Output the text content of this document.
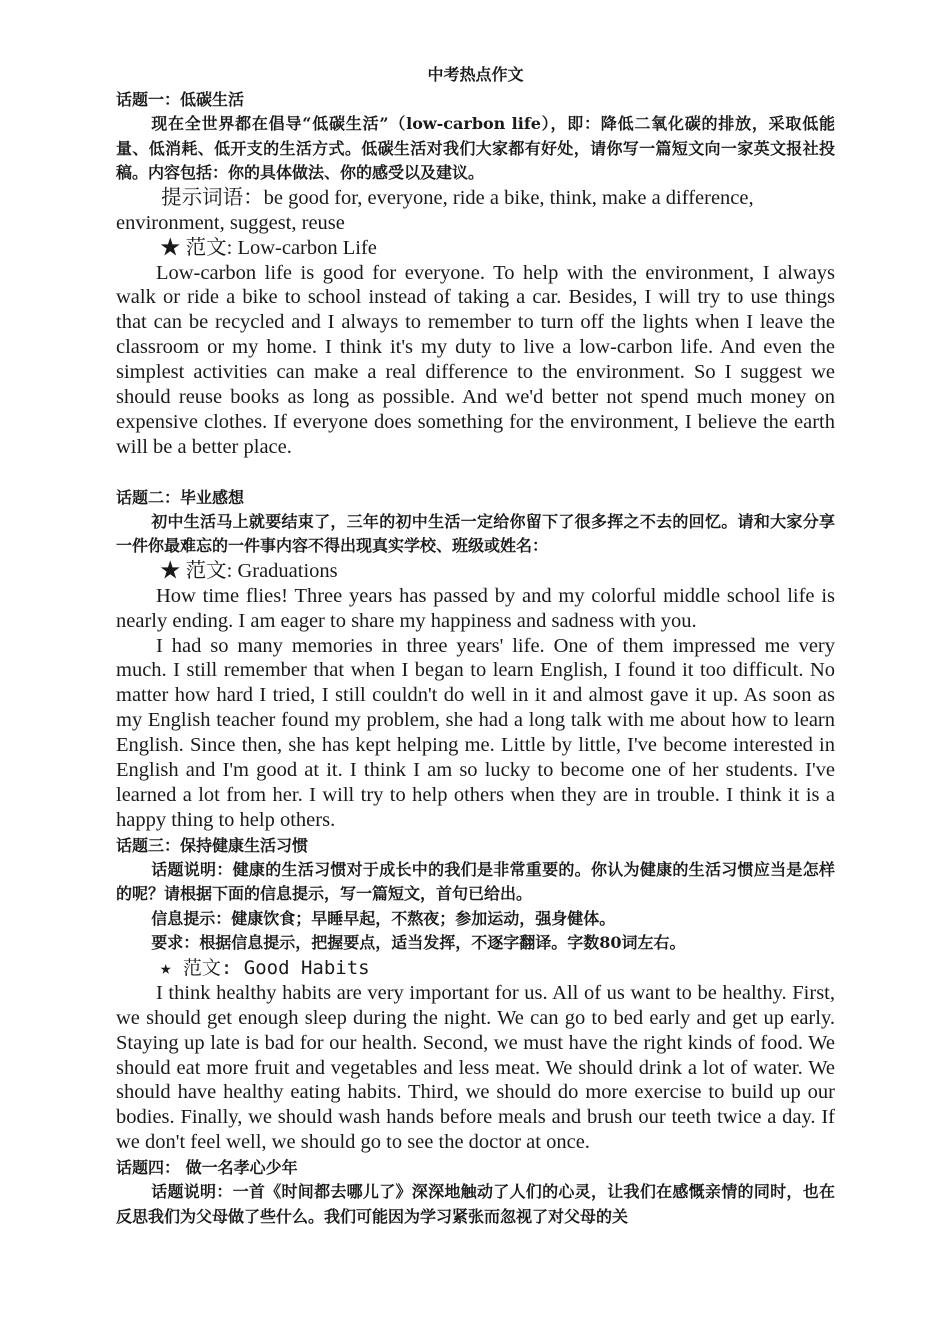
中考热点作文

话题一：低碳生活

现在全世界都在倡导“低碳生活”（low-carbon life），即：降低二氧化碳的排放，采取低能量、低消耗、低开支的生活方式。低碳生活对我们大家都有好处，请你写一篇短文向一家英文报社投稿。内容包括：你的具体做法、你的感受以及建议。

提示词语：be good for, everyone, ride a bike, think, make a difference, environment, suggest, reuse

★ 范文: Low-carbon Life

Low-carbon life is good for everyone. To help with the environment, I always walk or ride a bike to school instead of taking a car. Besides, I will try to use things that can be recycled and I always to remember to turn off the lights when I leave the classroom or my home. I think it's my duty to live a low-carbon life. And even the simplest activities can make a real difference to the environment. So I suggest we should reuse books as long as possible. And we'd better not spend much money on expensive clothes. If everyone does something for the environment, I believe the earth will be a better place.

话题二：毕业感想

初中生活马上就要结束了，三年的初中生活一定给你留下了很多挥之不去的回忆。请和大家分享一件你最难忘的一件事内容不得出现真实学校、班级或姓名：

★ 范文: Graduations

How time flies! Three years has passed by and my colorful middle school life is nearly ending. I am eager to share my happiness and sadness with you.

I had so many memories in three years' life. One of them impressed me very much. I still remember that when I began to learn English, I found it too difficult. No matter how hard I tried, I still couldn't do well in it and almost gave it up. As soon as my English teacher found my problem, she had a long talk with me about how to learn English. Since then, she has kept helping me. Little by little, I've become interested in English and I'm good at it. I think I am so lucky to become one of her students. I've learned a lot from her. I will try to help others when they are in trouble. I think it is a happy thing to help others.

话题三：保持健康生活习惯

话题说明：健康的生活习惯对于成长中的我们是非常重要的。你认为健康的生活习惯应当是怎样的呢？请根据下面的信息提示，写一篇短文，首句已给出。

信息提示：健康饮食；早睡早起，不熬夜；参加运动，强身健体。

要求：根据信息提示，把握要点，适当发挥，不逐字翻译。字数80词左右。

★ 范文: Good Habits

I think healthy habits are very important for us. All of us want to be healthy. First, we should get enough sleep during the night. We can go to bed early and get up early. Staying up late is bad for our health. Second, we must have the right kinds of food. We should eat more fruit and vegetables and less meat. We should drink a lot of water. We should have healthy eating habits. Third, we should do more exercise to build up our bodies. Finally, we should wash hands before meals and brush our teeth twice a day. If we don't feel well, we should go to see the doctor at once.

话题四： 做一名孝心少年

话题说明：一首《时间都去哪儿了》深深地触动了人们的心灵，让我们在感慨亲情的同时，也在反思我们为父母做了些什么。我们可能因为学习紧张而忽视了对父母的关
